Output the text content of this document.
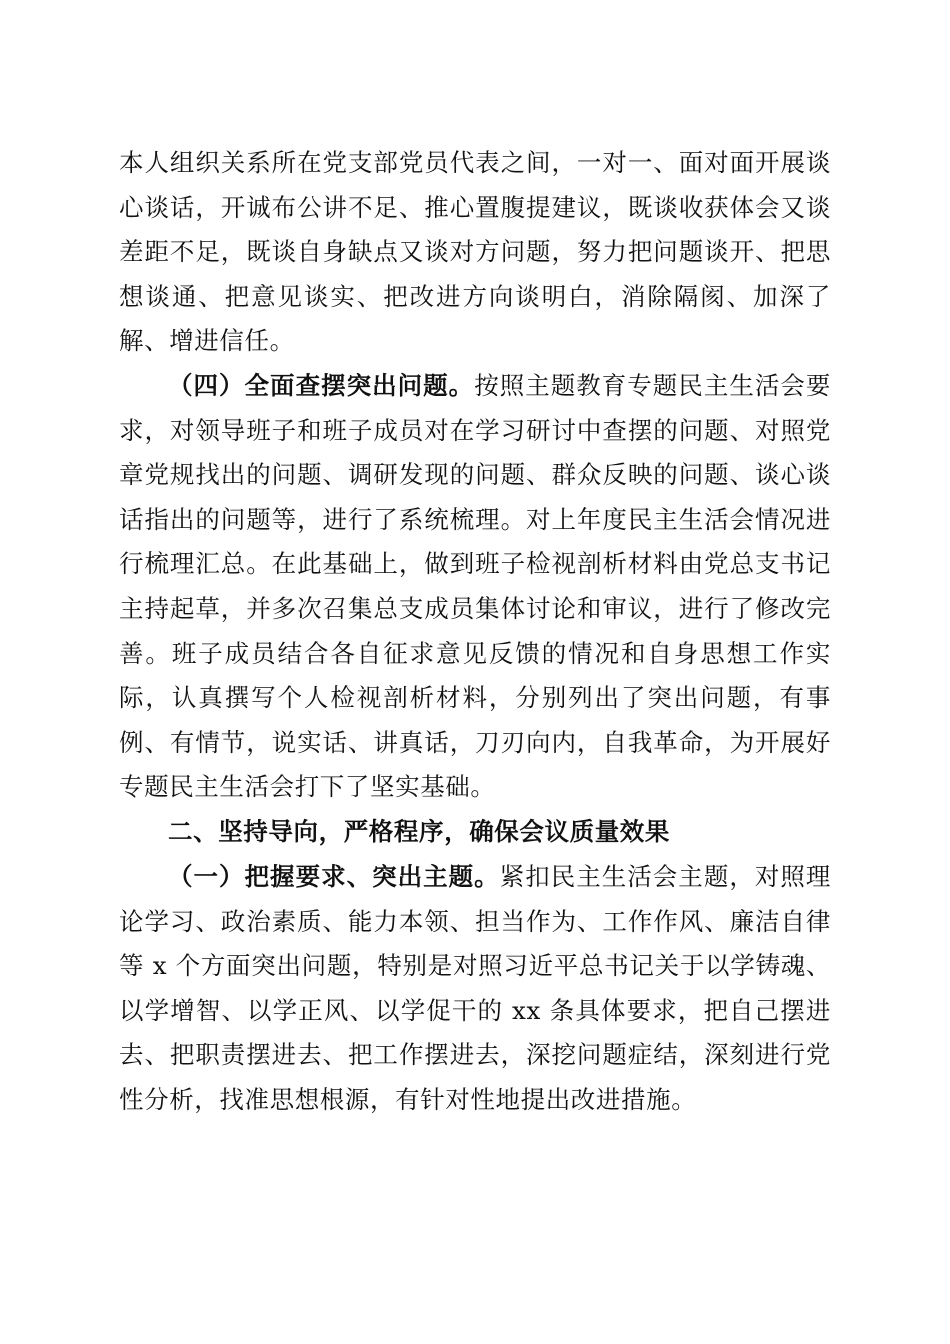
本人组织关系所在党支部党员代表之间，一对一、面对面开展谈心谈话，开诚布公讲不足、推心置腹提建议，既谈收获体会又谈差距不足，既谈自身缺点又谈对方问题，努力把问题谈开、把思想谈通、把意见谈实、把改进方向谈明白，消除隔阂、加深了解、增进信任。
（四）全面查摆突出问题。按照主题教育专题民主生活会要求，对领导班子和班子成员对在学习研讨中查摆的问题、对照党章党规找出的问题、调研发现的问题、群众反映的问题、谈心谈话指出的问题等，进行了系统梳理。对上年度民主生活会情况进行梳理汇总。在此基础上，做到班子检视剖析材料由党总支书记主持起草，并多次召集总支成员集体讨论和审议，进行了修改完善。班子成员结合各自征求意见反馈的情况和自身思想工作实际，认真撰写个人检视剖析材料，分别列出了突出问题，有事例、有情节，说实话、讲真话，刀刃向内，自我革命，为开展好专题民主生活会打下了坚实基础。
二、坚持导向，严格程序，确保会议质量效果
（一）把握要求、突出主题。紧扣民主生活会主题，对照理论学习、政治素质、能力本领、担当作为、工作作风、廉洁自律等 x 个方面突出问题，特别是对照习近平总书记关于以学铸魂、以学增智、以学正风、以学促干的 xx 条具体要求，把自己摆进去、把职责摆进去、把工作摆进去，深挖问题症结，深刻进行党性分析，找准思想根源，有针对性地提出改进措施。
